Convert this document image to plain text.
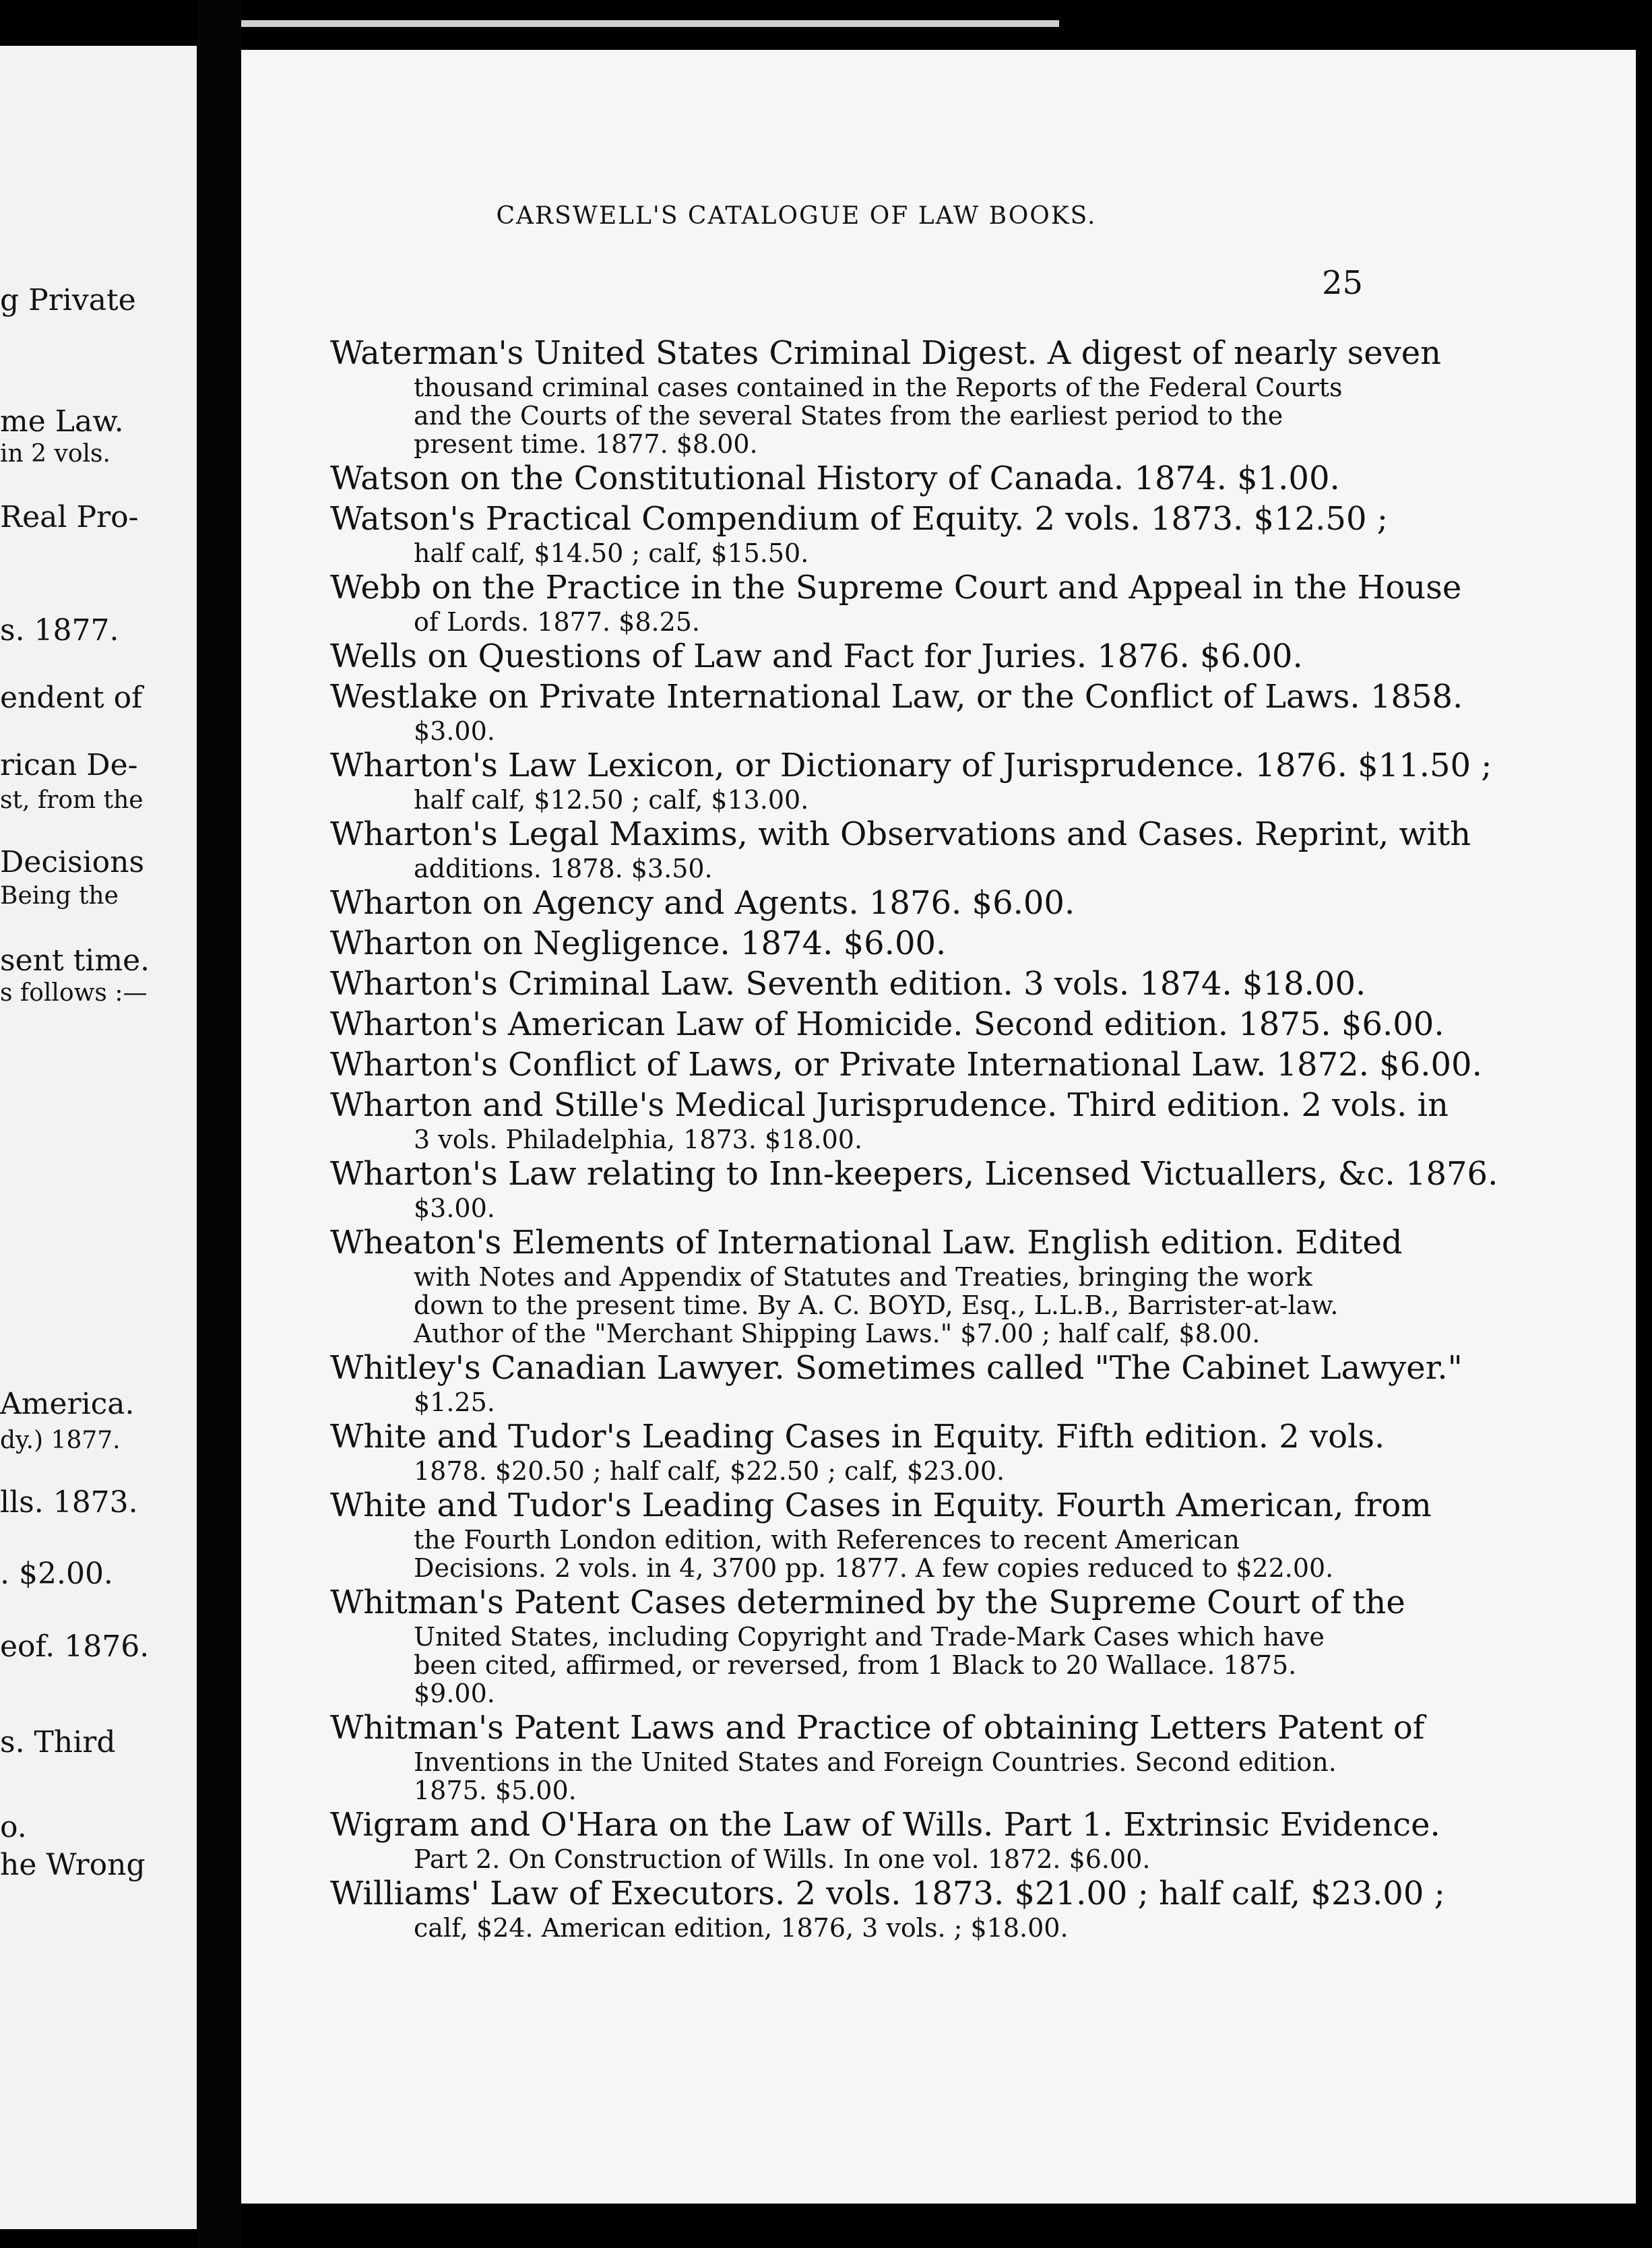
g Private
me Law.
in 2 vols.
Real Pro-
s. 1877.
endent of
rican De-
st, from the
Decisions
Being the
sent time.
s follows :—
America.
dy.) 1877.
lls. 1873.
. $2.00.
eof. 1876.
s. Third
o.
he Wrong
CARSWELL'S CATALOGUE OF LAW BOOKS.
25
Waterman's United States Criminal Digest. A digest of nearly seven
thousand criminal cases contained in the Reports of the Federal Courts and the Courts of the several States from the earliest period to the present time. 1877. $8.00.
Watson on the Constitutional History of Canada. 1874. $1.00.
Watson's Practical Compendium of Equity. 2 vols. 1873. $12.50 ;
half calf, $14.50 ; calf, $15.50.
Webb on the Practice in the Supreme Court and Appeal in the House
of Lords. 1877. $8.25.
Wells on Questions of Law and Fact for Juries. 1876. $6.00.
Westlake on Private International Law, or the Conflict of Laws. 1858.
$3.00.
Wharton's Law Lexicon, or Dictionary of Jurisprudence. 1876. $11.50 ;
half calf, $12.50 ; calf, $13.00.
Wharton's Legal Maxims, with Observations and Cases. Reprint, with
additions. 1878. $3.50.
Wharton on Agency and Agents. 1876. $6.00.
Wharton on Negligence. 1874. $6.00.
Wharton's Criminal Law. Seventh edition. 3 vols. 1874. $18.00.
Wharton's American Law of Homicide. Second edition. 1875. $6.00.
Wharton's Conflict of Laws, or Private International Law. 1872. $6.00.
Wharton and Stille's Medical Jurisprudence. Third edition. 2 vols. in
3 vols. Philadelphia, 1873. $18.00.
Wharton's Law relating to Inn-keepers, Licensed Victuallers, &c. 1876.
$3.00.
Wheaton's Elements of International Law. English edition. Edited
with Notes and Appendix of Statutes and Treaties, bringing the work down to the present time. By A. C. BOYD, Esq., L.L.B., Barrister-at-law. Author of the "Merchant Shipping Laws." $7.00 ; half calf, $8.00.
Whitley's Canadian Lawyer. Sometimes called "The Cabinet Lawyer."
$1.25.
White and Tudor's Leading Cases in Equity. Fifth edition. 2 vols.
1878. $20.50 ; half calf, $22.50 ; calf, $23.00.
White and Tudor's Leading Cases in Equity. Fourth American, from
the Fourth London edition, with References to recent American Decisions. 2 vols. in 4, 3700 pp. 1877. A few copies reduced to $22.00.
Whitman's Patent Cases determined by the Supreme Court of the
United States, including Copyright and Trade-Mark Cases which have been cited, affirmed, or reversed, from 1 Black to 20 Wallace. 1875. $9.00.
Whitman's Patent Laws and Practice of obtaining Letters Patent of
Inventions in the United States and Foreign Countries. Second edition. 1875. $5.00.
Wigram and O'Hara on the Law of Wills. Part 1. Extrinsic Evidence.
Part 2. On Construction of Wills. In one vol. 1872. $6.00.
Williams' Law of Executors. 2 vols. 1873. $21.00 ; half calf, $23.00 ;
calf, $24. American edition, 1876, 3 vols. ; $18.00.
